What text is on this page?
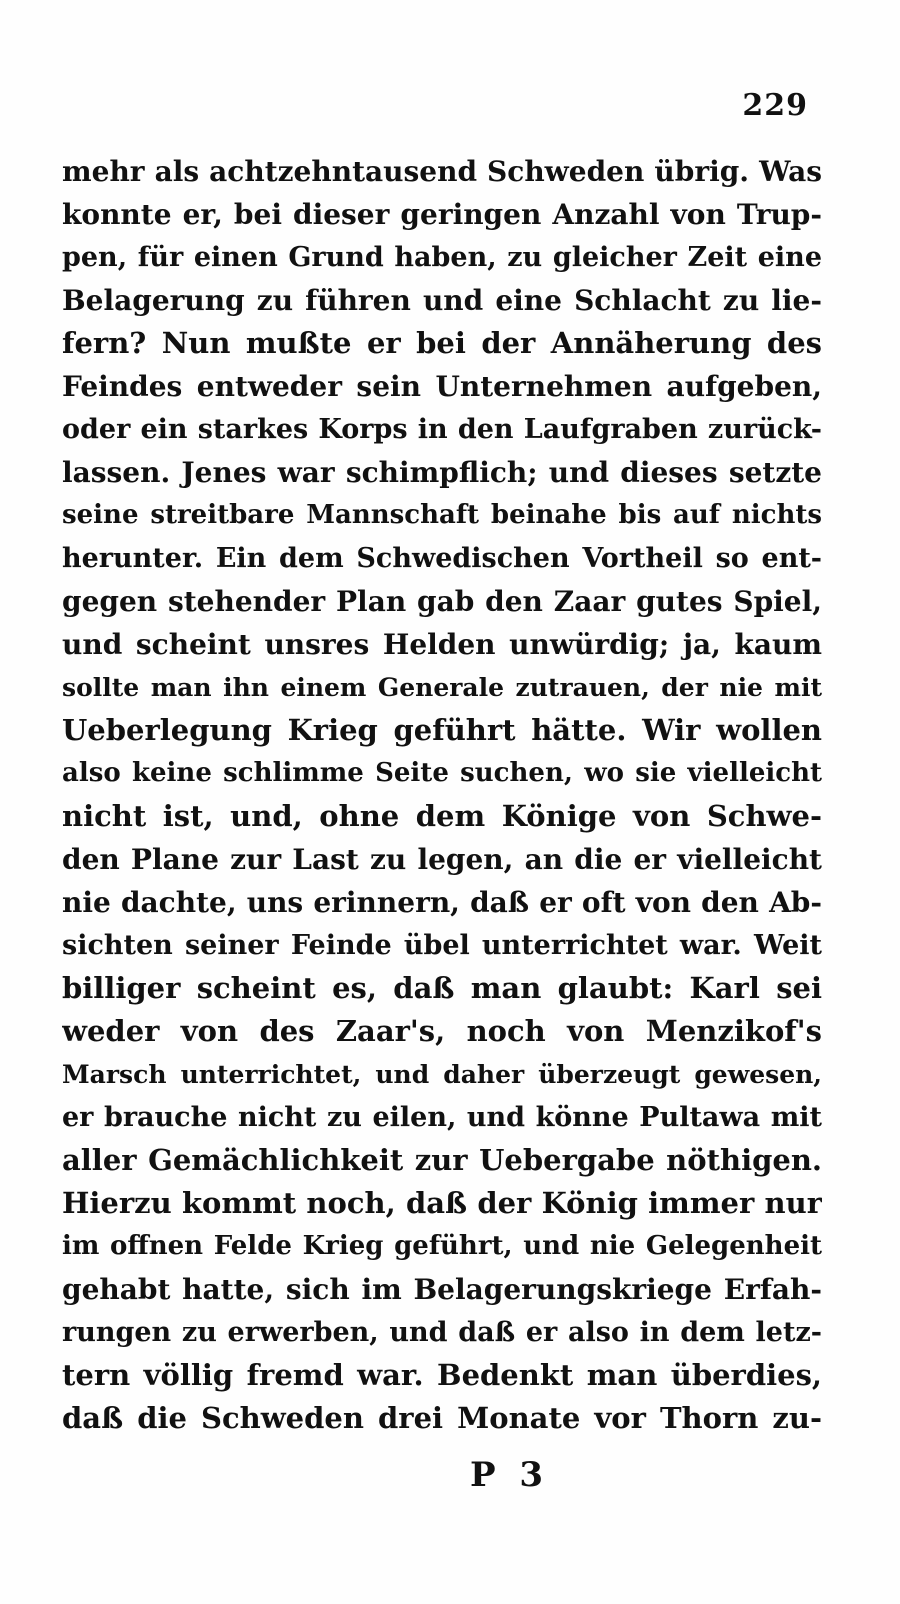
229
mehr als achtzehntausend Schweden übrig. Was
konnte er, bei dieser geringen Anzahl von Trup-
pen, für einen Grund haben, zu gleicher Zeit eine
Belagerung zu führen und eine Schlacht zu lie-
fern? Nun mußte er bei der Annäherung des
Feindes entweder sein Unternehmen aufgeben,
oder ein starkes Korps in den Laufgraben zurück-
lassen. Jenes war schimpflich; und dieses setzte
seine streitbare Mannschaft beinahe bis auf nichts
herunter. Ein dem Schwedischen Vortheil so ent-
gegen stehender Plan gab den Zaar gutes Spiel,
und scheint unsres Helden unwürdig; ja, kaum
sollte man ihn einem Generale zutrauen, der nie mit
Ueberlegung Krieg geführt hätte. Wir wollen
also keine schlimme Seite suchen, wo sie vielleicht
nicht ist, und, ohne dem Könige von Schwe-
den Plane zur Last zu legen, an die er vielleicht
nie dachte, uns erinnern, daß er oft von den Ab-
sichten seiner Feinde übel unterrichtet war. Weit
billiger scheint es, daß man glaubt: Karl sei
weder von des Zaar's, noch von Menzikof's
Marsch unterrichtet, und daher überzeugt gewesen,
er brauche nicht zu eilen, und könne Pultawa mit
aller Gemächlichkeit zur Uebergabe nöthigen.
Hierzu kommt noch, daß der König immer nur
im offnen Felde Krieg geführt, und nie Gelegenheit
gehabt hatte, sich im Belagerungskriege Erfah-
rungen zu erwerben, und daß er also in dem letz-
tern völlig fremd war. Bedenkt man überdies,
daß die Schweden drei Monate vor Thorn zu-
P 3
